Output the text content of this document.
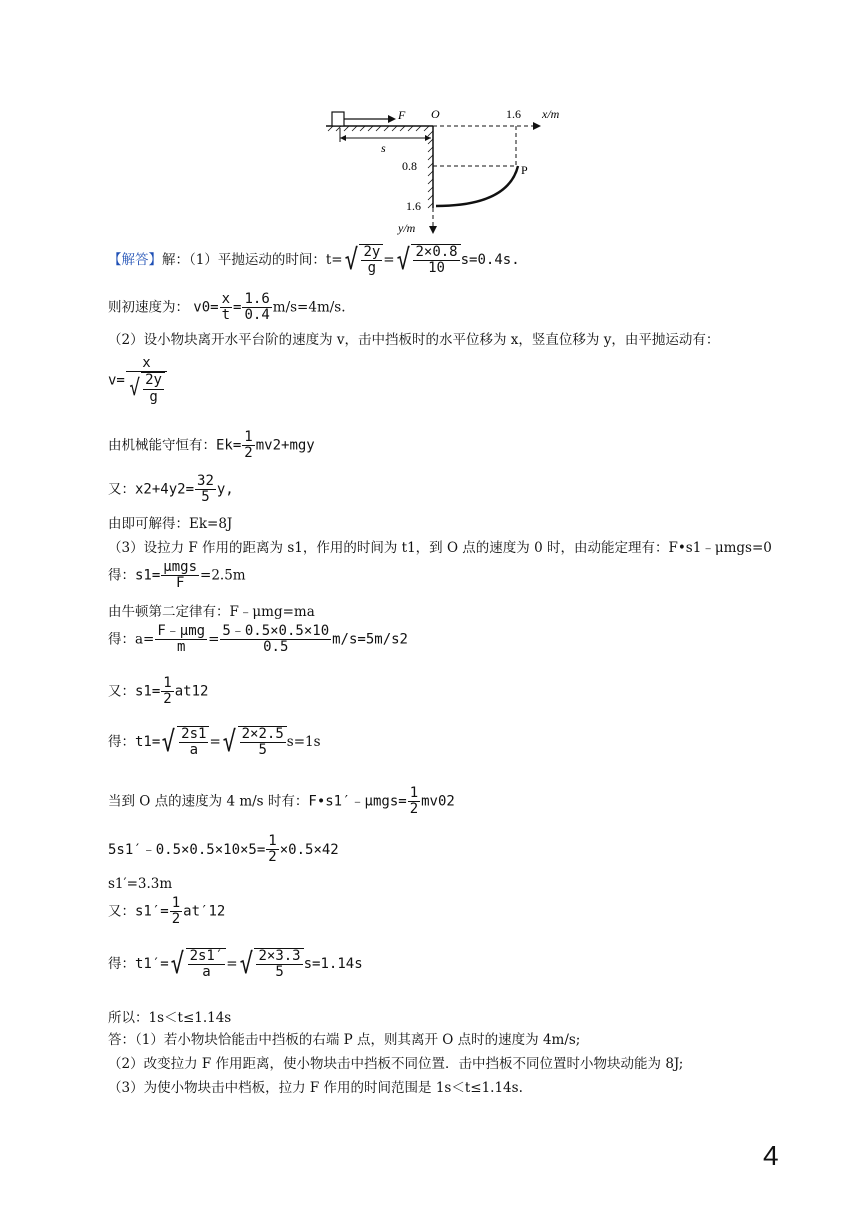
F O	1.6 x/m
s
0.8
1.6
y/m
P
【解答】解：（1）平抛运动的时间：$t=√ \frac{2y}{g}$ =√ $\frac{2\times 0.8}{10} s=0.4s$.
则初速度为： $v0= \frac{x}{t} = \frac{1.6}{0.4} m/s=4m/s$.
（2）设小物块离开水平台阶的速度为 v，击中挡板时的水平位移为 x，竖直位移为 y，由平抛运动有：
$v= \frac{x}{√ \frac{2y}{g}}$
由机械能守恒有：$Ek= \frac{1}{2} mv2+mgy$
又：$x2+4y2= \frac{32}{5} y$,
由即可解得：Ek=8J
（3）设拉力 F 作用的距离为 s1，作用的时间为 t1，到 O 点的速度为 0 时，由动能定理有：F•s1﹣μmgs=0
得：$s1= \frac{\text{μmgs}}{F} =2.5m$
由牛顿第二定律有：F﹣μmg=ma
得：$a= \frac{\text{F﹣μmg}}{m} = \frac{5﹣0.5\times 0.5\times 10}{0.5} m/s=5m/s2$
又：$s1= \frac{1}{2} at12$
得：$t1=√ \frac{2s1}{a}$ =√ $\frac{2\times 2.5}{5} s=1s$
当到 O 点的速度为 4 m/s 时有：F•s1′﹣μmgs= $\frac{1}{2} mv02$
5s1′﹣0.5×0.5×10×5= $\frac{1}{2} \times 0.5\times 42$
s1′=3.3m
又：$s1'= \frac{1}{2} at'12$
得：$t1'=√ \frac{2s1'}{a}$ =√ $\frac{2\times 3.3}{5} s=1.14s$
所以：1s＜t≤1.14s
答：（1）若小物块恰能击中挡板的右端 P 点，则其离开 O 点时的速度为 4m/s;
（2）改变拉力 F 作用距离，使小物块击中挡板不同位置．击中挡板不同位置时小物块动能为 8J;
（3）为使小物块击中档板，拉力 F 作用的时间范围是 1s＜t≤1.14s.
4
